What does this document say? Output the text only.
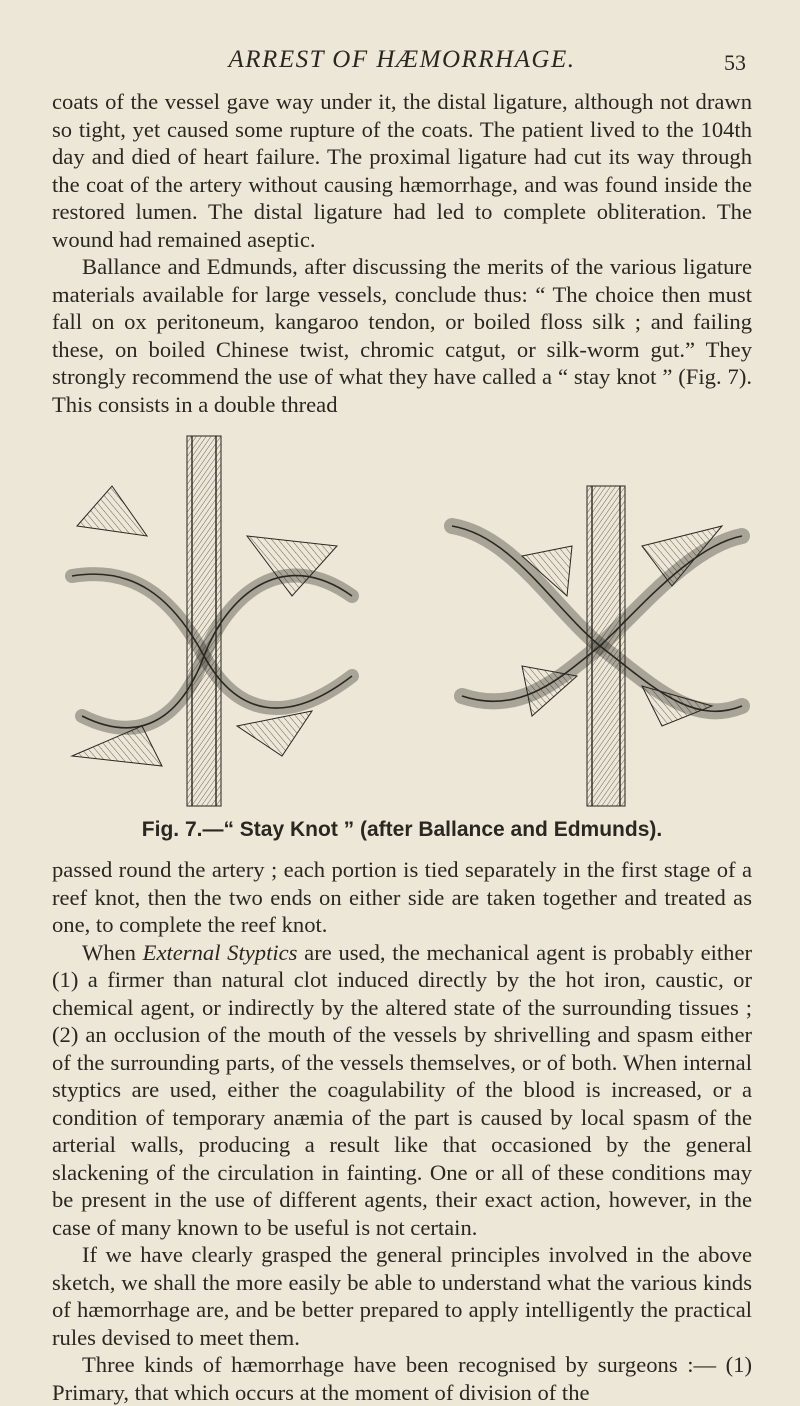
ARREST OF HÆMORRHAGE.	53

coats of the vessel gave way under it, the distal ligature, although not drawn so tight, yet caused some rupture of the coats. The patient lived to the 104th day and died of heart failure. The proximal ligature had cut its way through the coat of the artery without causing hæmorrhage, and was found inside the restored lumen. The distal ligature had led to complete obliteration. The wound had remained aseptic.

Ballance and Edmunds, after discussing the merits of the various ligature materials available for large vessels, conclude thus: “ The choice then must fall on ox peritoneum, kangaroo tendon, or boiled floss silk ; and failing these, on boiled Chinese twist, chromic catgut, or silk-worm gut.” They strongly recommend the use of what they have called a “ stay knot ” (Fig. 7). This consists in a double thread

Fig. 7.—“ Stay Knot ” (after Ballance and Edmunds).

passed round the artery ; each portion is tied separately in the first stage of a reef knot, then the two ends on either side are taken together and treated as one, to complete the reef knot.

When External Styptics are used, the mechanical agent is probably either (1) a firmer than natural clot induced directly by the hot iron, caustic, or chemical agent, or indirectly by the altered state of the surrounding tissues ; (2) an occlusion of the mouth of the vessels by shrivelling and spasm either of the surrounding parts, of the vessels themselves, or of both. When internal styptics are used, either the coagulability of the blood is increased, or a condition of temporary anæmia of the part is caused by local spasm of the arterial walls, producing a result like that occasioned by the general slackening of the circulation in fainting. One or all of these conditions may be present in the use of different agents, their exact action, however, in the case of many known to be useful is not certain.

If we have clearly grasped the general principles involved in the above sketch, we shall the more easily be able to understand what the various kinds of hæmorrhage are, and be better prepared to apply intelligently the practical rules devised to meet them.

Three kinds of hæmorrhage have been recognised by surgeons :— (1) Primary, that which occurs at the moment of division of the
